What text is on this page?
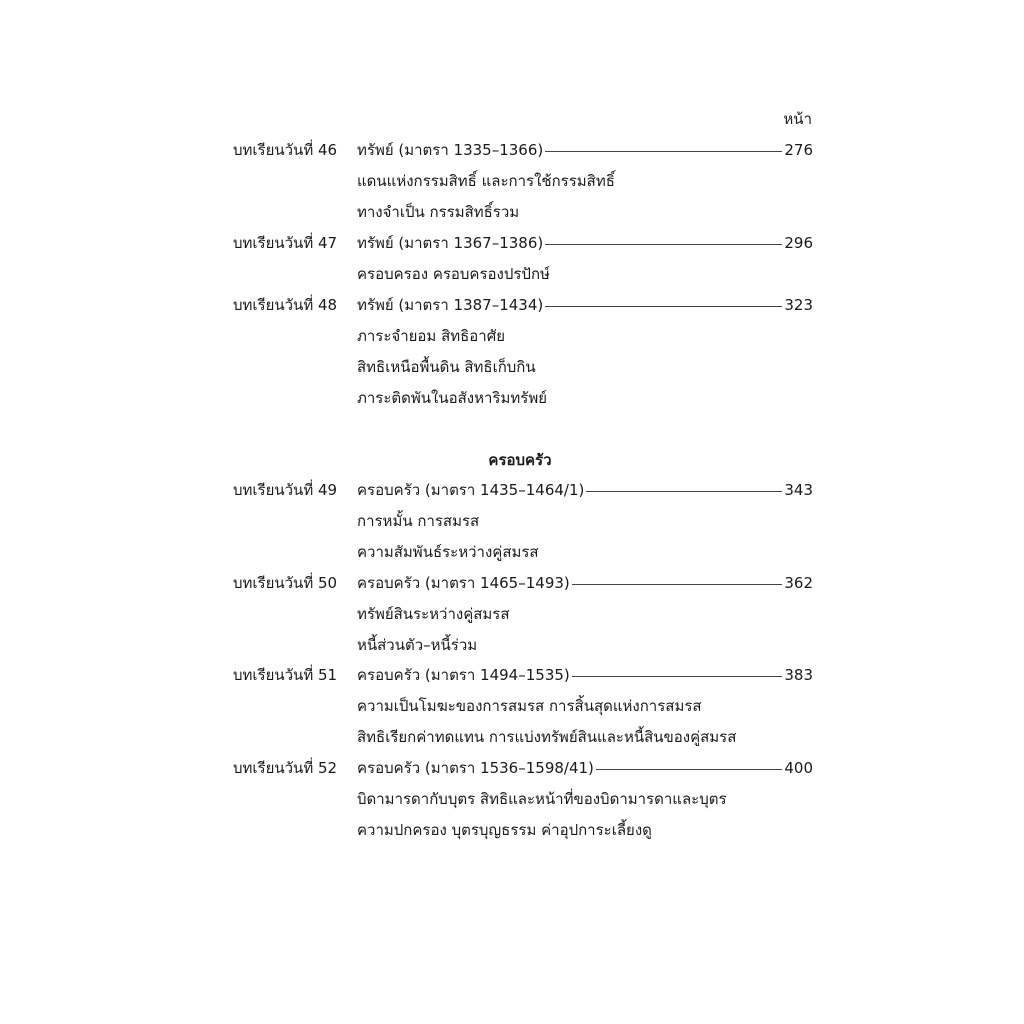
หน้า
บทเรียนวันที่ 46	ทรัพย์ (มาตรา 1335–1366)	276
แดนแห่งกรรมสิทธิ์ และการใช้กรรมสิทธิ์
ทางจำเป็น กรรมสิทธิ์รวม
บทเรียนวันที่ 47	ทรัพย์ (มาตรา 1367–1386)	296
ครอบครอง ครอบครองปรปักษ์
บทเรียนวันที่ 48	ทรัพย์ (มาตรา 1387–1434)	323
ภาระจำยอม สิทธิอาศัย
สิทธิเหนือพื้นดิน สิทธิเก็บกิน
ภาระติดพันในอสังหาริมทรัพย์
ครอบครัว
บทเรียนวันที่ 49	ครอบครัว (มาตรา 1435–1464/1)	343
การหมั้น การสมรส
ความสัมพันธ์ระหว่างคู่สมรส
บทเรียนวันที่ 50	ครอบครัว (มาตรา 1465–1493)	362
ทรัพย์สินระหว่างคู่สมรส
หนี้ส่วนตัว–หนี้ร่วม
บทเรียนวันที่ 51	ครอบครัว (มาตรา 1494–1535)	383
ความเป็นโมฆะของการสมรส การสิ้นสุดแห่งการสมรส
สิทธิเรียกค่าทดแทน การแบ่งทรัพย์สินและหนี้สินของคู่สมรส
บทเรียนวันที่ 52	ครอบครัว (มาตรา 1536–1598/41)	400
บิดามารดากับบุตร สิทธิและหน้าที่ของบิดามารดาและบุตร
ความปกครอง บุตรบุญธรรม ค่าอุปการะเลี้ยงดู
